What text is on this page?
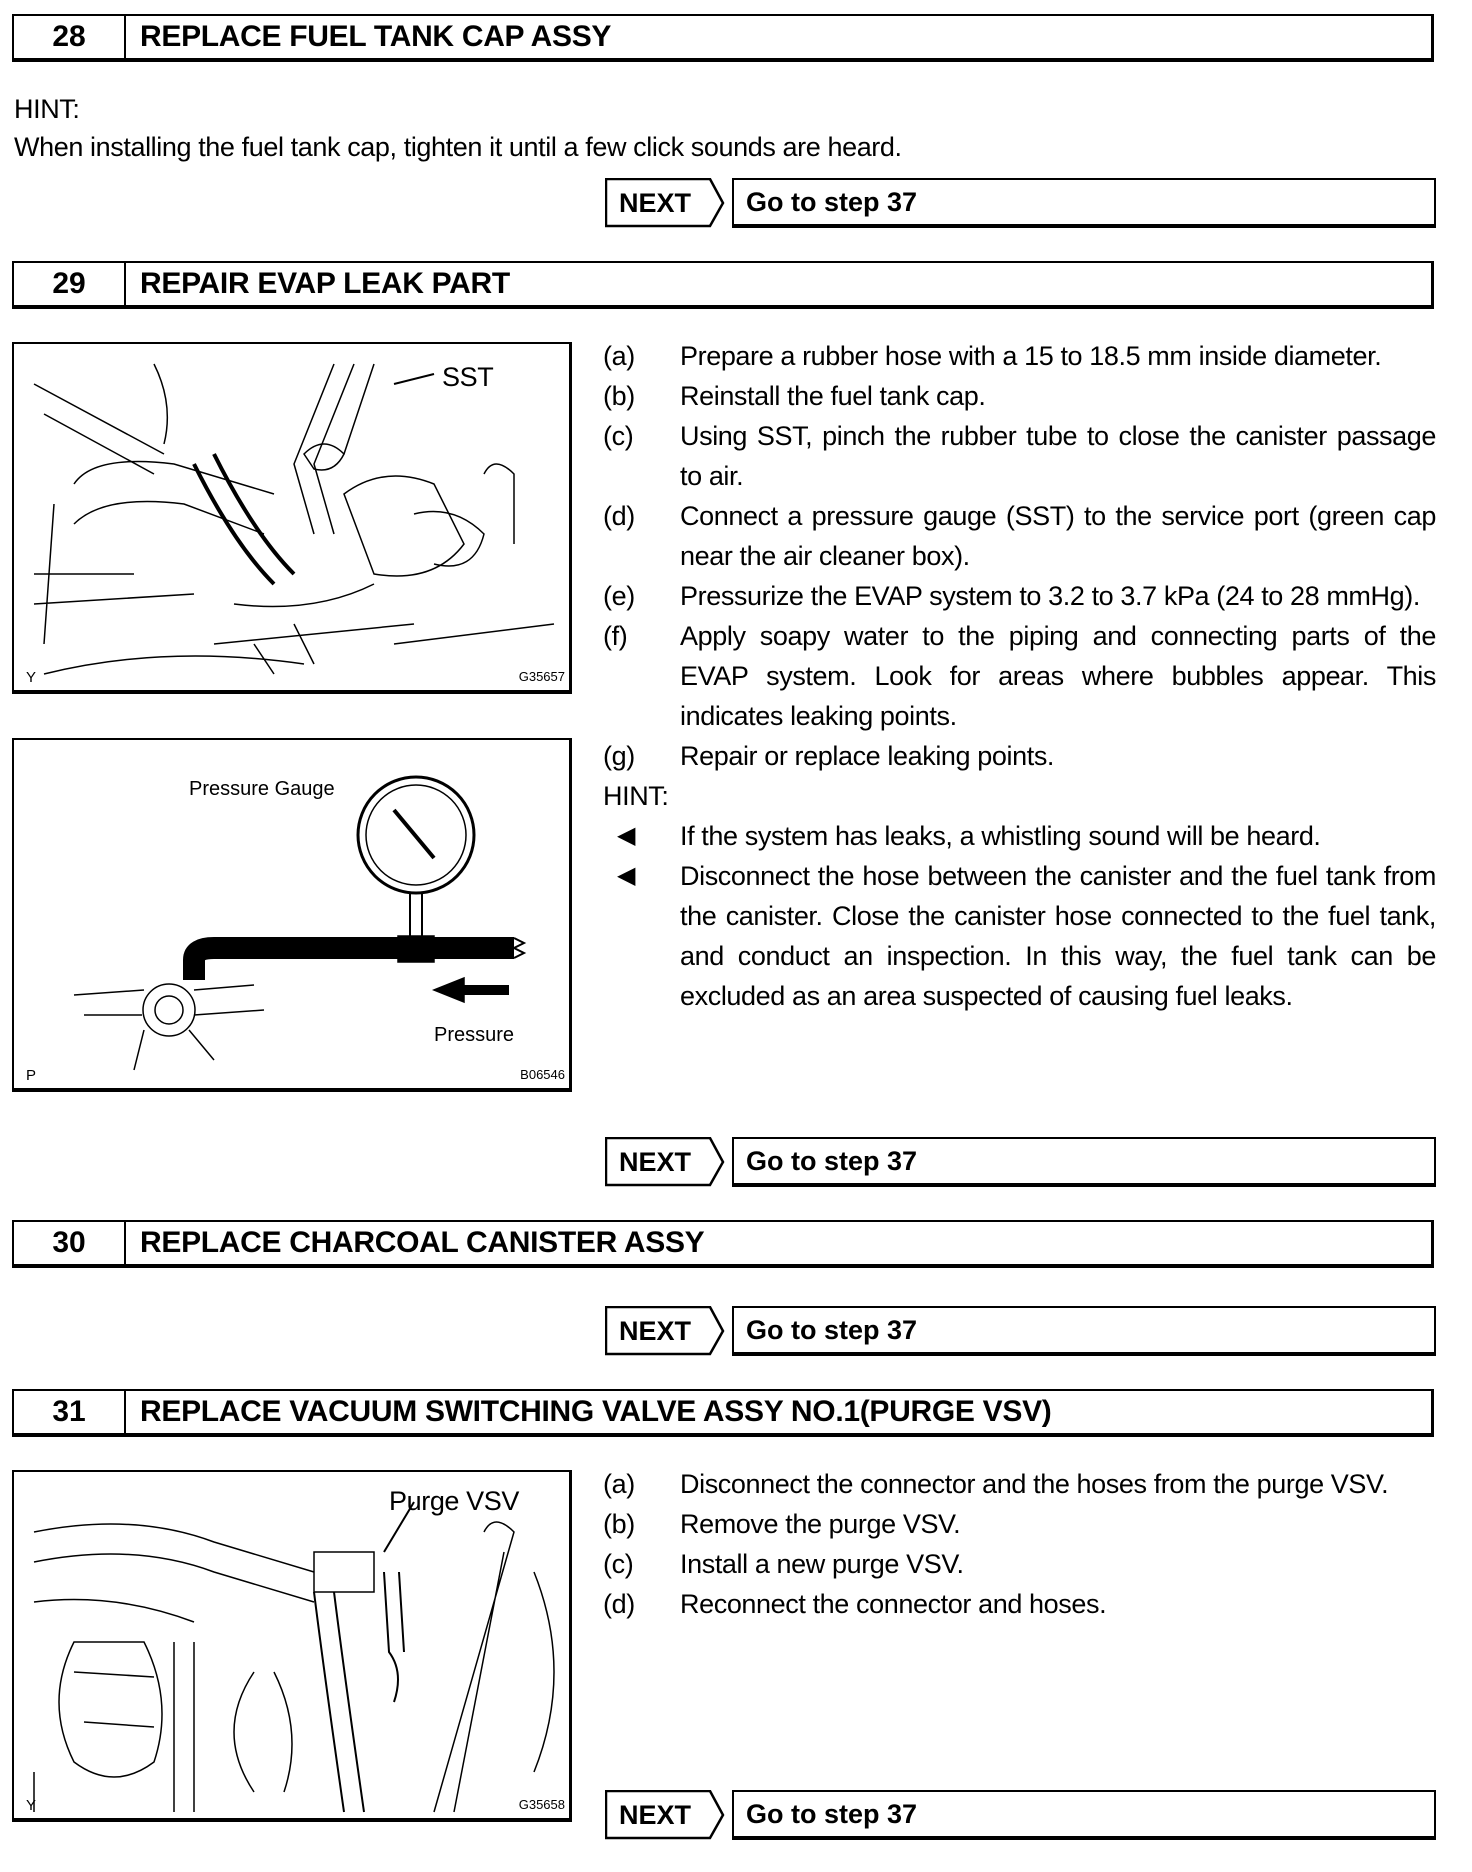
28	REPLACE FUEL TANK CAP ASSY
HINT:
When installing the fuel tank cap, tighten it until a few click sounds are heard.
NEXT	Go to step 37
29	REPAIR EVAP LEAK PART
SST
Y	G35657
Pressure Gauge
Pressure
P	B06546
(a)	Prepare a rubber hose with a 15 to 18.5 mm inside diameter.
(b)	Reinstall the fuel tank cap.
(c)	Using SST, pinch the rubber tube to close the canister passage to air.
(d)	Connect a pressure gauge (SST) to the service port (green cap near the air cleaner box).
(e)	Pressurize the EVAP system to 3.2 to 3.7 kPa (24 to 28 mmHg).
(f)	Apply soapy water to the piping and connecting parts of the EVAP system. Look for areas where bubbles appear. This indicates leaking points.
(g)	Repair or replace leaking points.
HINT:
◀	If the system has leaks, a whistling sound will be heard.
◀	Disconnect the hose between the canister and the fuel tank from the canister. Close the canister hose connected to the fuel tank, and conduct an inspection. In this way, the fuel tank can be excluded as an area suspected of causing fuel leaks.
NEXT	Go to step 37
30	REPLACE CHARCOAL CANISTER ASSY
NEXT	Go to step 37
31	REPLACE VACUUM SWITCHING VALVE ASSY NO.1(PURGE VSV)
Purge VSV
Y	G35658
(a)	Disconnect the connector and the hoses from the purge VSV.
(b)	Remove the purge VSV.
(c)	Install a new purge VSV.
(d)	Reconnect the connector and hoses.
NEXT	Go to step 37
